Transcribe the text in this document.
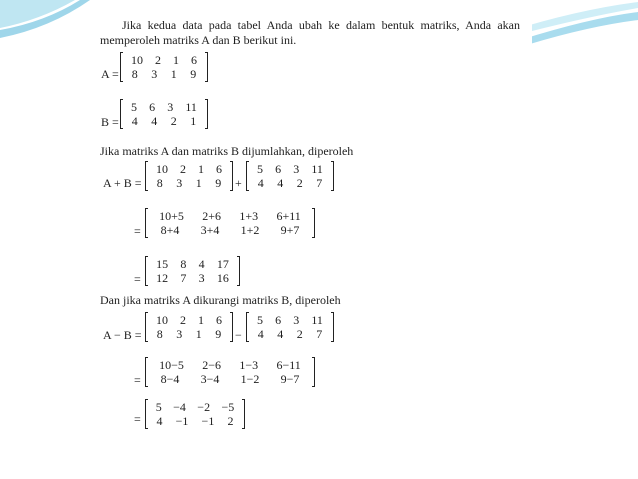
Jika kedua data pada tabel Anda ubah ke dalam bentuk matriks, Anda akan memperoleh matriks A dan B berikut ini.
A =
10 2 1 6
8 3 1 9
B =
5 6 3 11
4 4 2 1
Jika matriks A dan matriks B dijumlahkan, diperoleh
A + B =
10 2 1 6
8 3 1 9 +
5 6 3 11
4 4 2 7
=
10+5 2+6 1+3 6+11
8+4 3+4 1+2 9+7
=
15 8 4 17
12 7 3 16
Dan jika matriks A dikurangi matriks B, diperoleh
A − B =
10 2 1 6
8 3 1 9 −
5 6 3 11
4 4 2 7
=
10−5 2−6 1−3 6−11
8−4 3−4 1−2 9−7
=
5 −4 −2 −5
4 −1 −1 2
